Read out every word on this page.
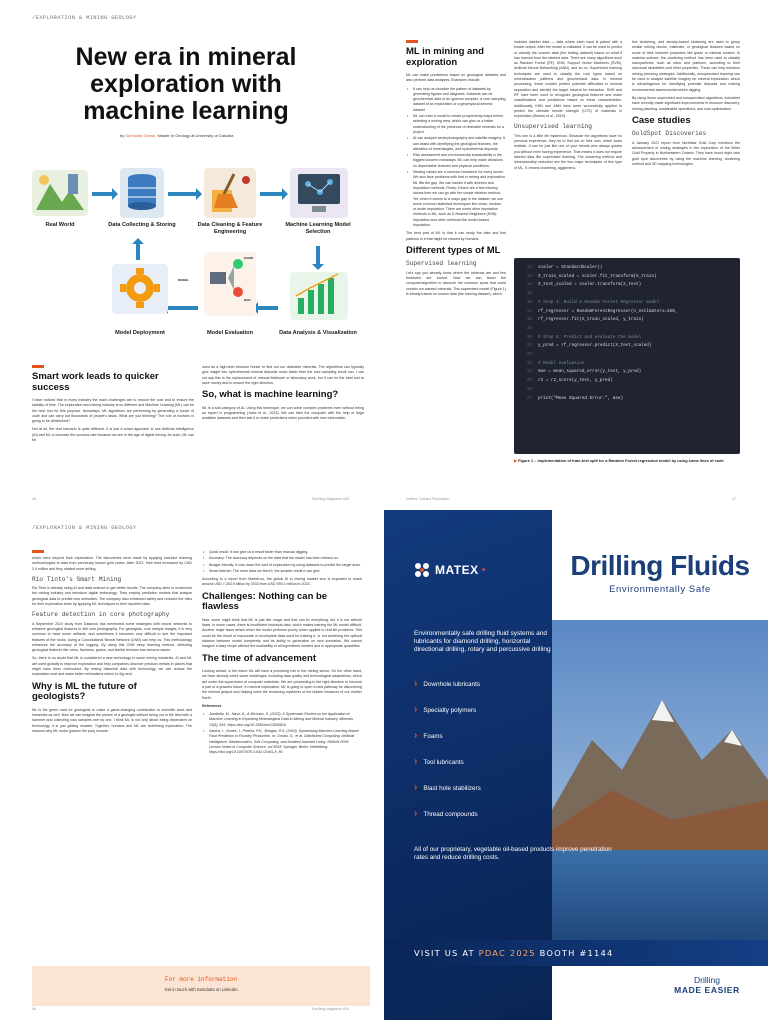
/EXPLORATION & MINING GEOLOGY
New era in mineral exploration with machine learning
by Somdutta Ghosh, Master in Geology at University of Calcutta
Real World	Data Collecting & Storing	Data Cleaning & Feature Engineering
Machine Learning Model Selection
Model Deployment	Model Evaluation	Data Analysis & Visualization
MODEL
GOOD
BAD
Smart work leads to quicker success

I have noticed that in every industry the main challenges are to reduce the cost and to ensure the stability of time. The exploration and mining industry is no different and Machine Learning (ML) can be the best tool for this purpose. Nowadays, ML algorithms are performing by generating a bunch of code and can carry out thousands of people's tasks. What are you thinking? The role of humans is going to be diminished?

Not at all, the real scenario is quite different. It is just a smart approach to use Artificial Intelligence (AI) and ML to increase the success rate because we are in the age of digital mining. As such, ML can be

used as a high-tech treasure hunter to find out our desirable minerals. The algorithms can typically give insight into hydrothermal mineral deposits much faster than the core sampling result can. I can not say this is the replacement of manual fieldwork or laboratory work, but it can be the best tool to save money and to ensure the right direction.

So, what is machine learning?

ML is a sub-category of AI. Using this technique, we can solve complex problems even without being an expert in programming (Joshi et al., 2023). We can train the computer with the help of large available datasets and then ask it to make predictions when provided with new information.

ML in mining and exploration

ML can make predictions based on geological datasets and also perform data analyses. Examples include:

• It can help us visualize the pattern of datasets by generating figures and diagrams. Datasets can be geochemical data of an igneous complex, a core sampling dataset of an exploration or a geophysical seismic dataset.
• ML can train a model to create prospectivity maps before selecting a mining area, which can give us a better understanding of the presence of desirable minerals for a project.
• AI can analyze aerial photography and satellite imagery. It can assist with identifying the geological features, the alteration of mineralogies, and hydrothermal deposits.
• Risk assessment and environmental sustainability is the biggest concern nowadays. ML can help make decisions on dependable features and physical conditions.
• Missing values are a common headache for every sector. We also face problems with that in mining and exploration. ML fills the gap. We can handle it with deletion and imputation methods. Firstly, if there are a few missing values then we can go with the simple deletion method. Yet, when it comes to a major gap in the dataset, we use some common statistical techniques like mean, median, or mode imputation. There are some other imputation methods in ML, such as K-Nearest Neighbors (KNN) imputation and other methods like model-based imputation.

The best part of ML is that it can study the data and find patterns in it that might be missed by humans.

Different types of ML
Supervised learning

Let's say you already know where the minerals are and few treasures are buried. Now we can teach the computer/algorithm to discover the common spots that could contain our wanted minerals. This supervised model (Figure 1) is initially trained on known data (the training dataset), which

includes labeled data — data where each input is paired with a known output. After the model is validated, it can be used to predict or classify the unseen data (the testing dataset) based on what it has learned from the labeled data. There are many algorithms such as Random Forest (RF), KNN, Support Vector Machines (SVM), Artificial Neural Networking (ANN), and so on. Supervised learning techniques are used to classify the rock types based on mineralization patterns and geochemical data. In mineral processing, these models predict potential difficulties in mineral separation and identify the target mineral for extraction. SVM and RF have been used to recognize geological features and make classifications and predictions based on these characteristics. Additionally, KNN and ANN have been successfully applied to predict the ultimate tensile strength (UTS) of materials in exploration (Santos et al., 2019).

Unsupervised learning

This one is a little bit mysterious. Because the algorithms have no previous experience, they try to find out on their own, which looks realistic. It can be just like one of your friends who always guides you without even having experience. That means it does not require labeled data like supervised learning. The clustering method and dimensionality reduction are the two major techniques of this type of ML. K-means clustering, agglomera-

tive clustering, and density-based clustering are used to group similar mining blocks, materials, or geological features based on some of their inherent properties like grade or mineral content. In material science, the clustering method has been used to classify nanoparticles, such as silver and platinum, according to their structural similarities and other properties. These can help enhance mining planning strategies. Additionally, unsupervised learning can be used to analyze satellite imagery for mineral exploration, which is advantageous for identifying potential deposits and making environmental assessments before digging.

By using these supervised and unsupervised algorithms, industries have recently made significant improvements in resource discovery, mining planning, sustainable operations, and cost optimization.

Case studies
GoldSpot Discoveries

A January 2021 report from Northstar Gold Corp mentions the advancement of mining strategies in the exploration of the Miller Gold Property in Northeastern Ontario. They have found eight new gold spot discoveries by using the machine learning, clustering method and 3D mapping technologies,

12 scaler = StandardScaler()
13 X_train_scaled = scaler.fit_transform(X_train)
14 X_test_scaled = scaler.transform(X_test)
15
16 # Step 4: Build a Random Forest Regressor model
17 rf_regressor = RandomForestRegressor(n_estimators=100,
18 rf_regressor.fit(X_train_scaled, y_train)
19
20 # Step 5: Predict and evaluate the model
21 y_pred = rf_regressor.predict(X_test_scaled)
22
23 # Model evaluation
24 mse = mean_squared_error(y_test, y_pred)
25 r2 = r2_score(y_test, y_pred)
26
27 print("Mean Squared Error:", mse)
▶ Figure 1 – Implementation of train-test split for a Random Forest regression model by using some lines of code
46	Earthing Magazine #30	Drillers' Trusted Publication	47
/EXPLORATION & MINING GEOLOGY

which were beyond their expectation. The discoveries were made by applying machine learning methodologies to data from previously known gold zones. After 2021, their fund increased by CAD 2.4 million and they started more drilling.

Rio Tinto's Smart Mining

Rio Tinto is already using AI and data science to get better results. The company aims to modernize the mining industry and introduce digital technology. They employ prediction models that analyze geological data to predict new orebodies. The company also enhanced safety and reduced the risks for their exploration team by applying ML techniques to their reported data.

Feature detection in core photography

A September 2024 study from Datarock has mentioned some strategies with neural networks to enhance geological features in drill core photography. For geologists, core sample images, it is very common to have some artifacts, and sometimes it becomes very difficult to see the important features of the rocks. Using a Convolutional Neural Network (CNN) can help us. This methodology enhances the accuracy of the logging. By using this CNN deep learning method, detecting geological features like veins, fractures, grains, and similar textures has become easier.

So, there is no doubt that ML is considered a new technology in some mining industries. AI and ML are used globally to improve exploration and help companies discover precious metals in places that might have been overlooked. By mixing historical data with technology, we can reduce the exploration cost and make better estimations where to dig next.

Why is ML the future of geologists?

ML is the green card for geologists to make a game-changing contribution to scientific work and industries as well. Now we can imagine the picture of a geologist without being out in the field with a hammer and collecting rock samples one by one. I think ML is not only about being dependent on technology, it is just getting smarter. Together, humans and ML are redefining exploration. The reasons why ML rocks (pardon the pun) include:

• Quick result: It can give us a result faster than manual digging.
• Accuracy: The accuracy depends on the data that the model has been trained on.
• Budget-friendly: It cuts down the cost of exploration by using datasets to predict the target area.
• Smart learner: The more data we feed it, the smarter result it can give.

According to a report from Market.us, the global AI in mining market size is expected to reach around USD 7,263.9 billion by 2033 from USD 939.1 million in 2023.

Challenges: Nothing can be flawless

Now, some might think that ML is just like magic and that can fix everything, but it is not without flaws. In some cases, there is insufficient historical data, which makes training the ML model difficult. Another major issue arises when the model performs poorly when applied to real life problems. This could be the result of inaccurate or incomplete data used for training it, or not achieving the optimal balance between model complexity and its ability to generalize on new scenarios. We cannot imagine a tasty recipe without the availability of all ingredients needed and in appropriate quantities.

The time of advancement

Looking ahead, in the future ML will have a promising role in the mining sector. On the other hand, we have already noted some challenges, including data quality and technological adaptations, which are under the supervision of computer scientists. We are proceeding in the right direction to become a part of a graceful future. In mineral exploration, ML is going to open a new pathway for discovering the mineral jackpot and helping solve the remaining mysteries of the hidden treasures of our mother Earth.

References

• Joodiefar, M., Nasir, A., & Michaux, S. (2023). A Systematic Review on the Application of Machine Learning in Exploiting Mineralogical Data in Mining and Mineral Industry. Minerals, 13(6), 816. https://doi.org/10.3390/min13060816
• Santos, I., Nunes, I., Pereira, P.K., Bringas, P.G. (2019). Dynamising Machine-Learning-Based Fault Prediction in Foundry Production. In: Omatu, S., et al. Distributed Computing, Artificial Intelligence, Bioinformatics, Soft Computing, and Ambient Assisted Living. IWANN 2009. Lecture Notes in Computer Science, vol 5518. Springer, Berlin, Heidelberg. https://doi.org/10.1007/978-3-642-02481-8_80
For more information
Get in touch with Somdutta on LinkedIn
48	Earthing Magazine #30
MATEX ✦	Drilling Fluids
Environmentally Safe
Environmentally safe drilling fluid systems and lubricants for diamond drilling, horizontal directional drilling, rotary and percussive drilling
› Downhole lubricants
› Specialty polymers
› Foams
› Tool lubricants
› Blast hole stabilizers
› Thread compounds
All of our proprietary, vegetable oil-based products improve penetration rates and reduce drilling costs.
VISIT US AT PDAC 2025 BOOTH #1144
Drilling
MADE EASIER
